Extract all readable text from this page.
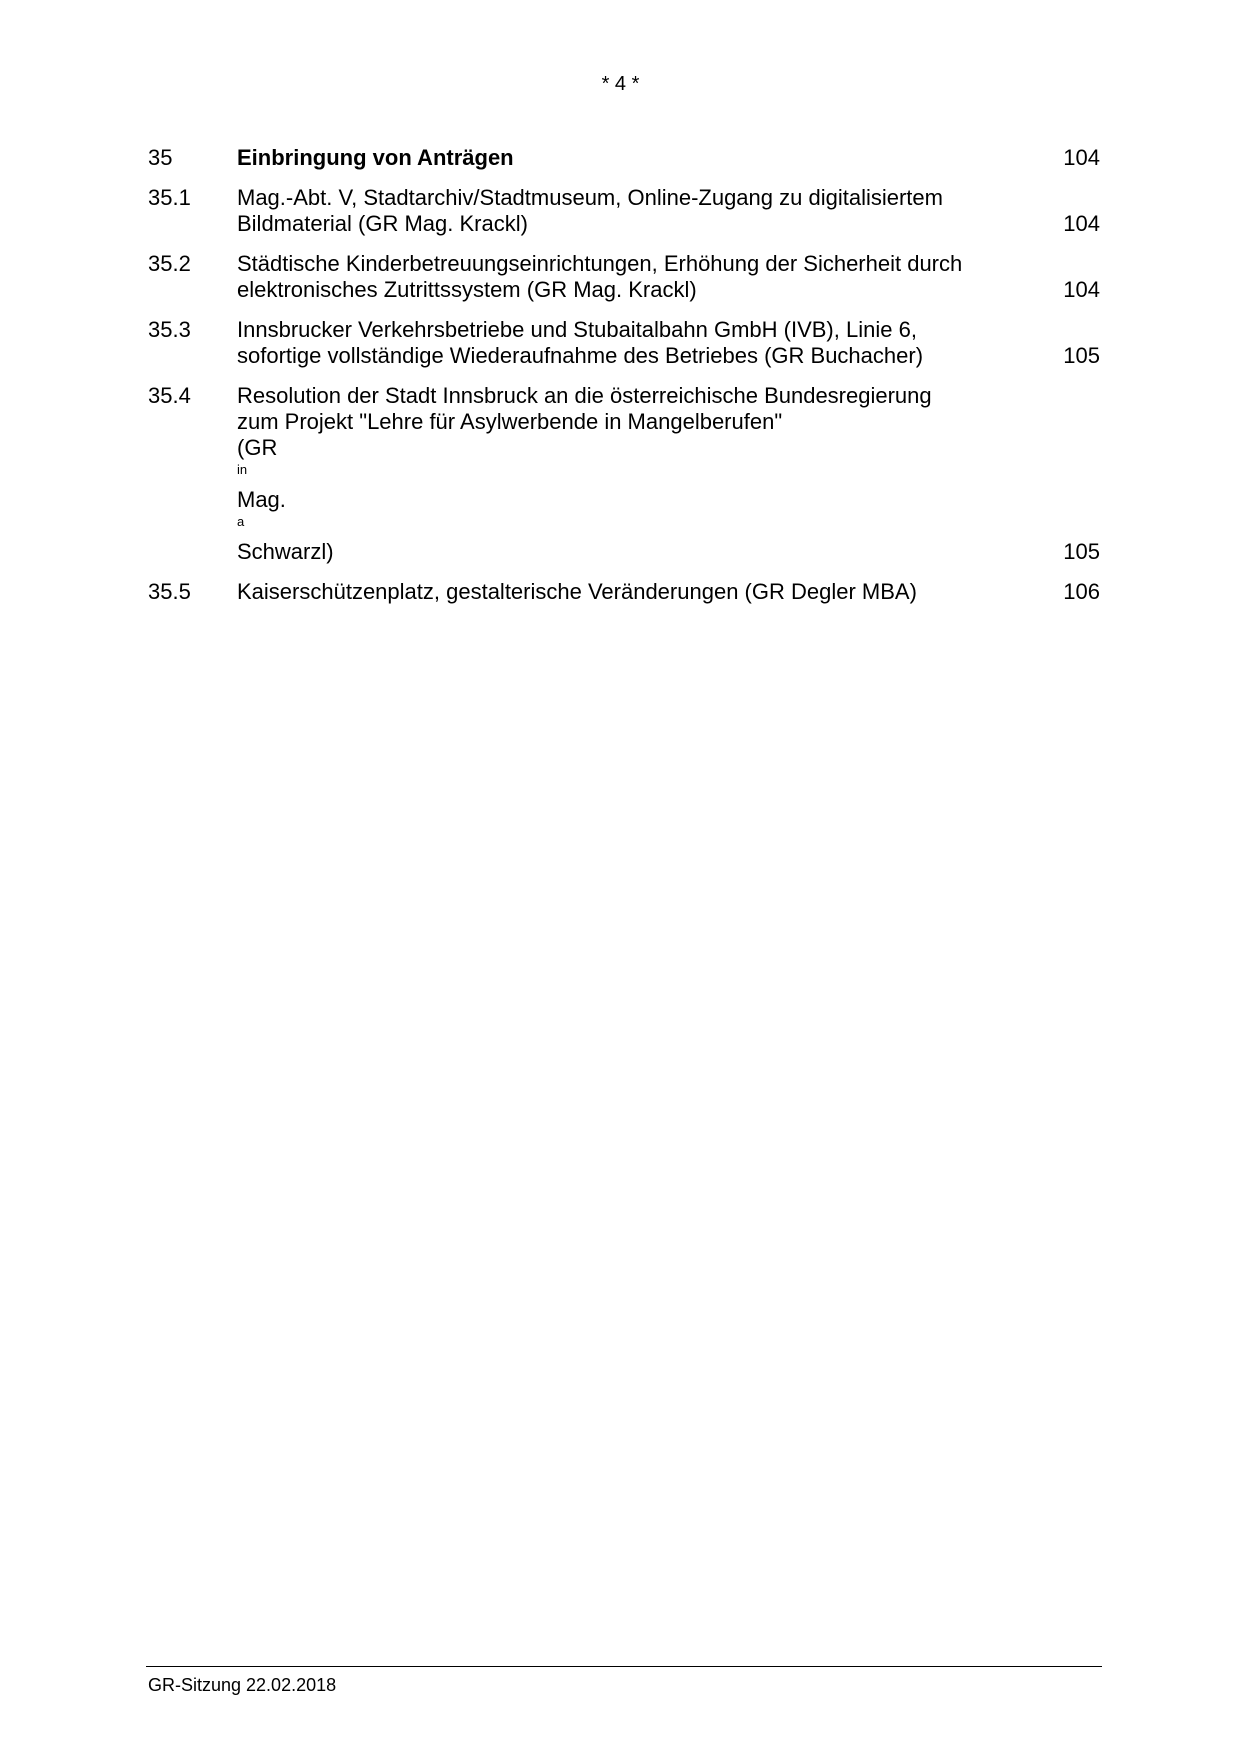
* 4 *
35	Einbringung von Anträgen	104
35.1 Mag.-Abt. V, Stadtarchiv/Stadtmuseum, Online-Zugang zu digitalisiertem
Bildmaterial (GR Mag. Krackl)	104
35.2 Städtische Kinderbetreuungseinrichtungen, Erhöhung der Sicherheit durch
elektronisches Zutrittssystem (GR Mag. Krackl)	104
35.3 Innsbrucker Verkehrsbetriebe und Stubaitalbahn GmbH (IVB), Linie 6,
sofortige vollständige Wiederaufnahme des Betriebes (GR Buchacher)	105
35.4 Resolution der Stadt Innsbruck an die österreichische Bundesregierung
zum Projekt "Lehre für Asylwerbende in Mangelberufen"
(GR
$^{in}$
Mag.
$^a$
Schwarzl)	105
35.5 Kaiserschützenplatz, gestalterische Veränderungen (GR Degler MBA)	106
GR-Sitzung 22.02.2018
